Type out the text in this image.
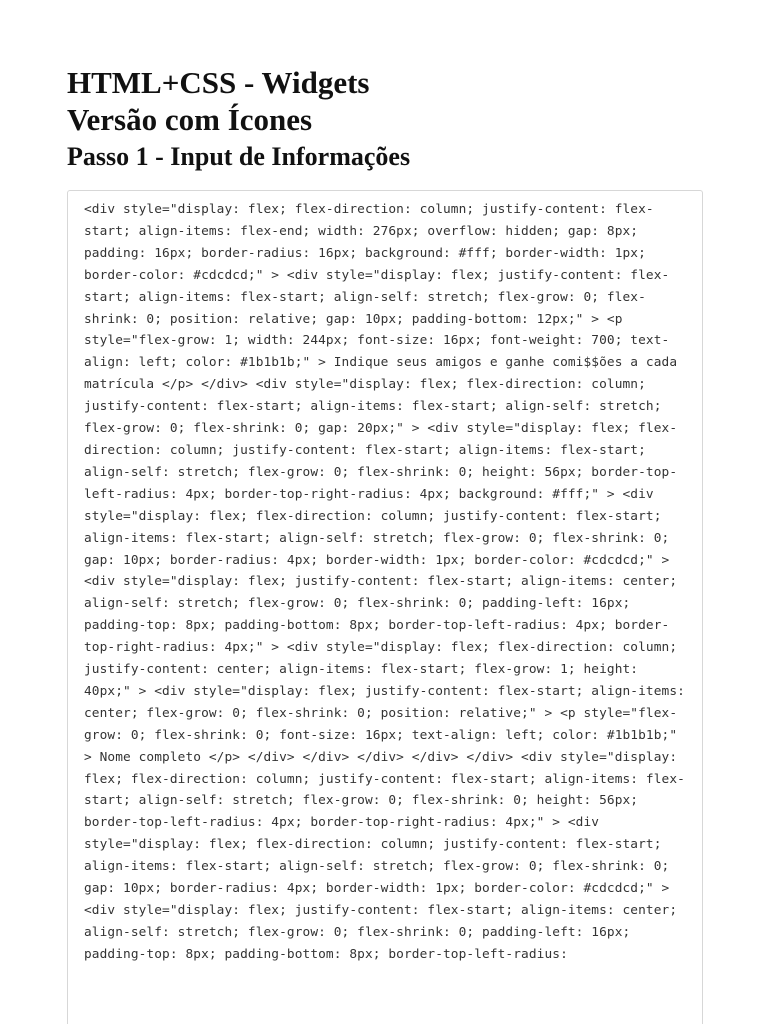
HTML+CSS - Widgets
Versão com Ícones
Passo 1 - Input de Informações
<div style="display: flex; flex-direction: column; justify-content: flex-start; align-items: flex-end; width: 276px; overflow: hidden; gap: 8px; padding: 16px; border-radius: 16px; background: #fff; border-width: 1px; border-color: #cdcdcd;" > <div style="display: flex; justify-content: flex-start; align-items: flex-start; align-self: stretch; flex-grow: 0; flex-shrink: 0; position: relative; gap: 10px; padding-bottom: 12px;" > <p style="flex-grow: 1; width: 244px; font-size: 16px; font-weight: 700; text-align: left; color: #1b1b1b;" > Indique seus amigos e ganhe comi$$ões a cada matrícula </p> </div> <div style="display: flex; flex-direction: column; justify-content: flex-start; align-items: flex-start; align-self: stretch; flex-grow: 0; flex-shrink: 0; gap: 20px;" > <div style="display: flex; flex-direction: column; justify-content: flex-start; align-items: flex-start; align-self: stretch; flex-grow: 0; flex-shrink: 0; height: 56px; border-top-left-radius: 4px; border-top-right-radius: 4px; background: #fff;" > <div style="display: flex; flex-direction: column; justify-content: flex-start; align-items: flex-start; align-self: stretch; flex-grow: 0; flex-shrink: 0; gap: 10px; border-radius: 4px; border-width: 1px; border-color: #cdcdcd;" > <div style="display: flex; justify-content: flex-start; align-items: center; align-self: stretch; flex-grow: 0; flex-shrink: 0; padding-left: 16px; padding-top: 8px; padding-bottom: 8px; border-top-left-radius: 4px; border-top-right-radius: 4px;" > <div style="display: flex; flex-direction: column; justify-content: center; align-items: flex-start; flex-grow: 1; height: 40px;" > <div style="display: flex; justify-content: flex-start; align-items: center; flex-grow: 0; flex-shrink: 0; position: relative;" > <p style="flex-grow: 0; flex-shrink: 0; font-size: 16px; text-align: left; color: #1b1b1b;" > Nome completo </p> </div> </div> </div> </div> </div> <div style="display: flex; flex-direction: column; justify-content: flex-start; align-items: flex-start; align-self: stretch; flex-grow: 0; flex-shrink: 0; height: 56px; border-top-left-radius: 4px; border-top-right-radius: 4px;" > <div style="display: flex; flex-direction: column; justify-content: flex-start; align-items: flex-start; align-self: stretch; flex-grow: 0; flex-shrink: 0; gap: 10px; border-radius: 4px; border-width: 1px; border-color: #cdcdcd;" > <div style="display: flex; justify-content: flex-start; align-items: center; align-self: stretch; flex-grow: 0; flex-shrink: 0; padding-left: 16px; padding-top: 8px; padding-bottom: 8px; border-top-left-radius:
